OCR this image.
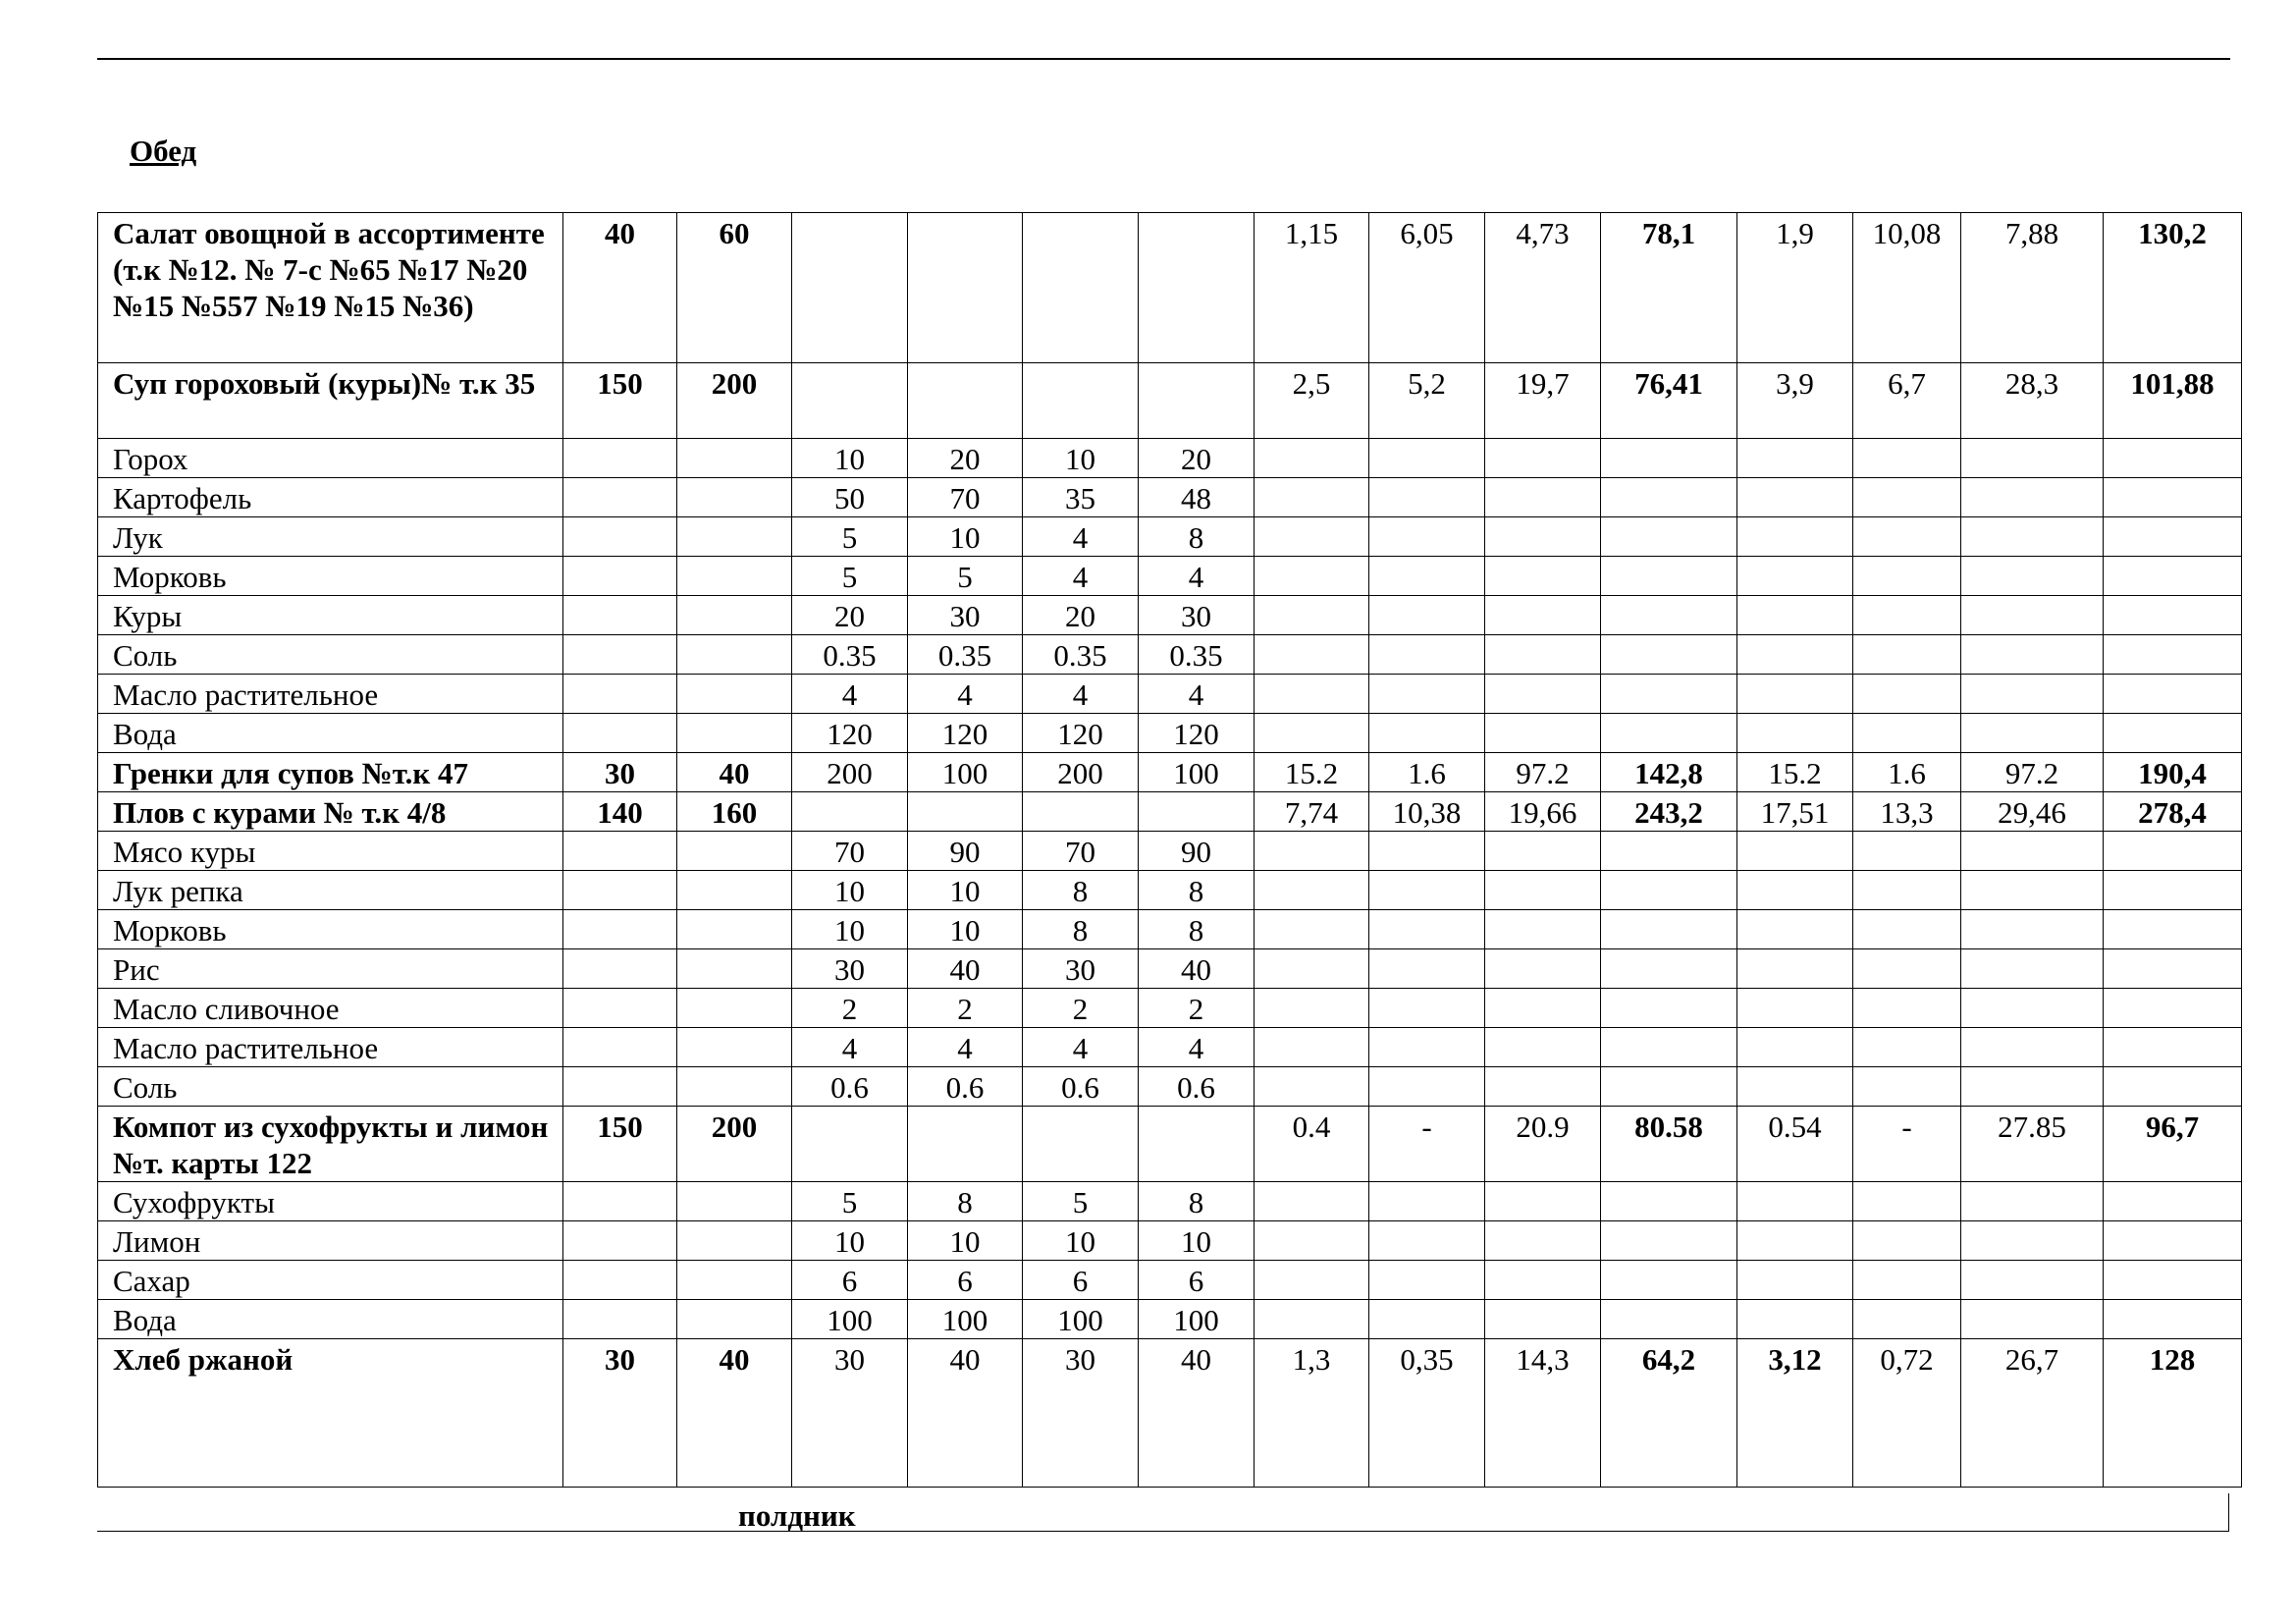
Обед
Салат овощной в ассортименте (т.к №12. № 7-с №65 №17 №20 №15 №557 №19 №15 №36)	40	60					1,15	6,05	4,73	78,1	1,9	10,08	7,88	130,2
Суп гороховый (куры)№ т.к 35	150	200					2,5	5,2	19,7	76,41	3,9	6,7	28,3	101,88
Горох			10	20	10	20								
Картофель			50	70	35	48								
Лук			5	10	4	8								
Морковь			5	5	4	4								
Куры			20	30	20	30								
Соль			0.35	0.35	0.35	0.35								
Масло растительное			4	4	4	4								
Вода			120	120	120	120								
Гренки для супов №т.к 47	30	40	200	100	200	100	15.2	1.6	97.2	142,8	15.2	1.6	97.2	190,4
Плов с курами № т.к 4/8	140	160					7,74	10,38	19,66	243,2	17,51	13,3	29,46	278,4
Мясо куры			70	90	70	90								
Лук репка			10	10	8	8								
Морковь			10	10	8	8								
Рис			30	40	30	40								
Масло сливочное			2	2	2	2								
Масло растительное			4	4	4	4								
Соль			0.6	0.6	0.6	0.6								
Компот из сухофрукты и лимон №т. карты 122	150	200					0.4	-	20.9	80.58	0.54	-	27.85	96,7
Сухофрукты			5	8	5	8								
Лимон			10	10	10	10								
Сахар			6	6	6	6								
Вода			100	100	100	100								
Хлеб ржаной	30	40	30	40	30	40	1,3	0,35	14,3	64,2	3,12	0,72	26,7	128
полдник
